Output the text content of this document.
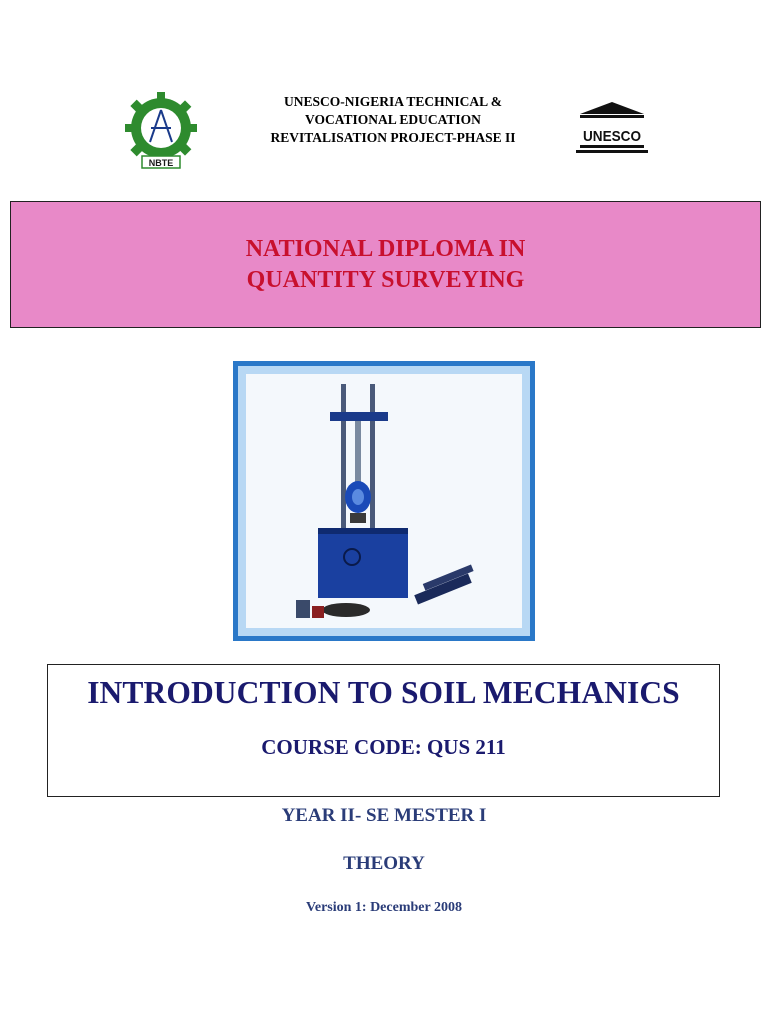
NBTE
UNESCO-NIGERIA TECHNICAL &
VOCATIONAL EDUCATION
REVITALISATION PROJECT-PHASE II	UNESCO
NATIONAL DIPLOMA IN
QUANTITY SURVEYING
INTRODUCTION TO SOIL MECHANICS
COURSE CODE: QUS 211
YEAR II- SE MESTER I
THEORY
Version 1: December 2008
